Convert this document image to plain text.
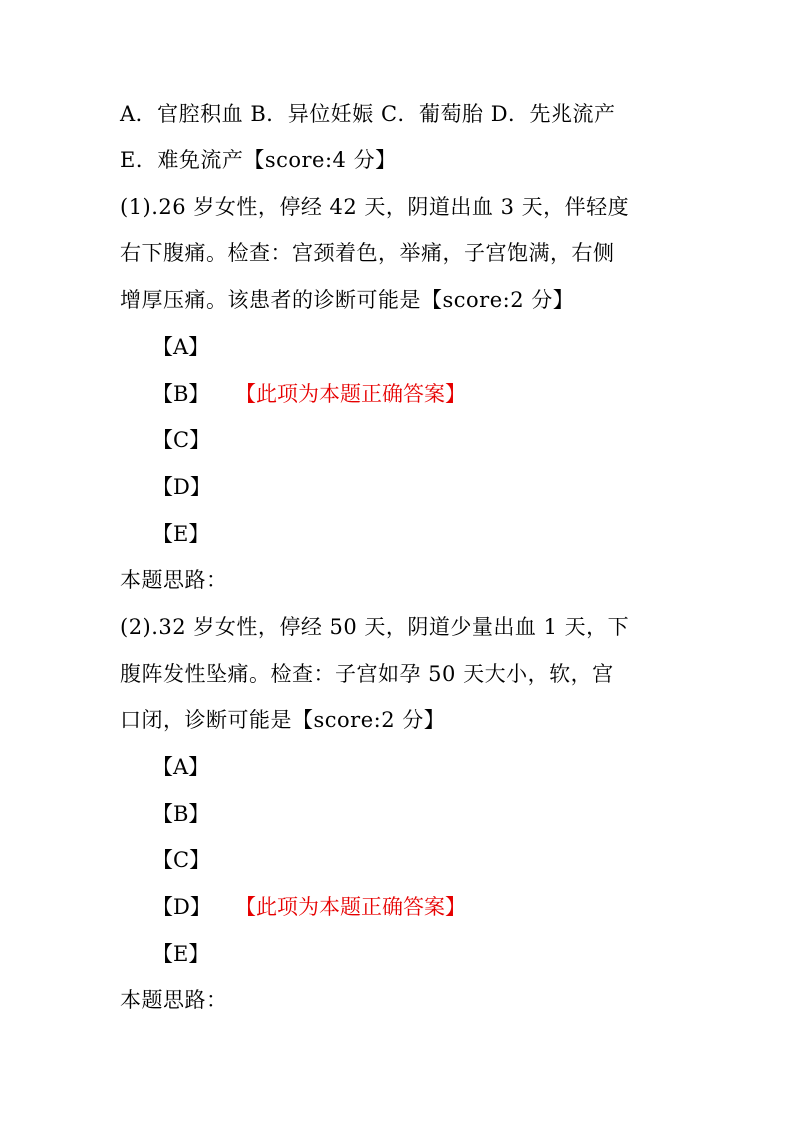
A．官腔积血 B．异位妊娠 C．葡萄胎 D．先兆流产
E．难免流产【score:4 分】
(1).26 岁女性，停经 42 天，阴道出血 3 天，伴轻度
右下腹痛。检查：宫颈着色，举痛，子宫饱满，右侧
增厚压痛。该患者的诊断可能是【score:2 分】
【A】
【B】 【此项为本题正确答案】
【C】
【D】
【E】
本题思路：
(2).32 岁女性，停经 50 天，阴道少量出血 1 天，下
腹阵发性坠痛。检查：子宫如孕 50 天大小，软，宫
口闭，诊断可能是【score:2 分】
【A】
【B】
【C】
【D】 【此项为本题正确答案】
【E】
本题思路：
